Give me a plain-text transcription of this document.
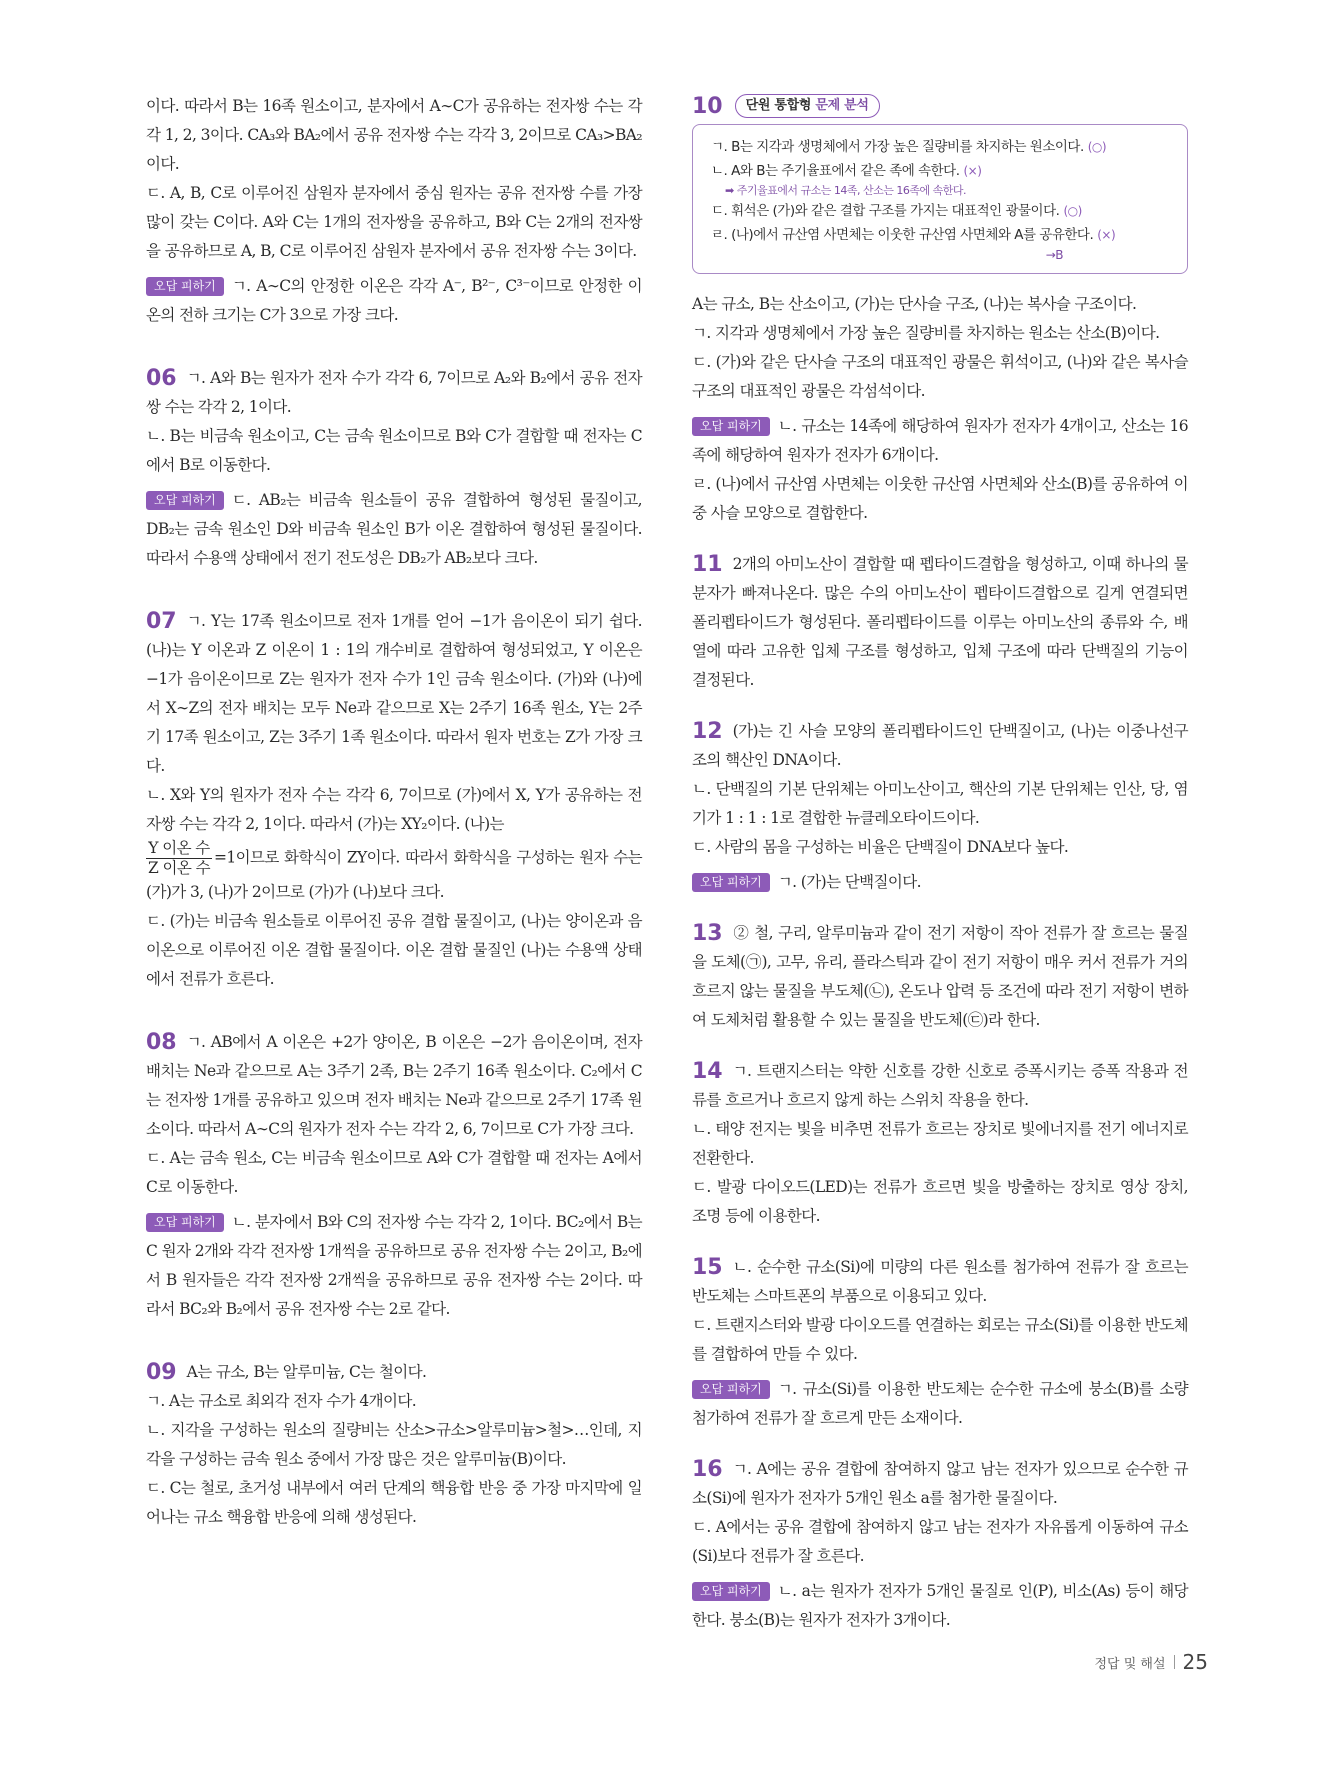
이다. 따라서 B는 16족 원소이고, 분자에서 A∼C가 공유하는 전자쌍 수는 각각 1, 2, 3이다. CA₃와 BA₂에서 공유 전자쌍 수는 각각 3, 2이므로 CA₃>BA₂이다.

ㄷ. A, B, C로 이루어진 삼원자 분자에서 중심 원자는 공유 전자쌍 수를 가장 많이 갖는 C이다. A와 C는 1개의 전자쌍을 공유하고, B와 C는 2개의 전자쌍을 공유하므로 A, B, C로 이루어진 삼원자 분자에서 공유 전자쌍 수는 3이다.

오답 피하기 ㄱ. A∼C의 안정한 이온은 각각 A⁻, B²⁻, C³⁻이므로 안정한 이온의 전하 크기는 C가 3으로 가장 크다.

06 ㄱ. A와 B는 원자가 전자 수가 각각 6, 7이므로 A₂와 B₂에서 공유 전자쌍 수는 각각 2, 1이다.

ㄴ. B는 비금속 원소이고, C는 금속 원소이므로 B와 C가 결합할 때 전자는 C에서 B로 이동한다.

오답 피하기 ㄷ. AB₂는 비금속 원소들이 공유 결합하여 형성된 물질이고, DB₂는 금속 원소인 D와 비금속 원소인 B가 이온 결합하여 형성된 물질이다. 따라서 수용액 상태에서 전기 전도성은 DB₂가 AB₂보다 크다.

07 ㄱ. Y는 17족 원소이므로 전자 1개를 얻어 −1가 음이온이 되기 쉽다. (나)는 Y 이온과 Z 이온이 1 : 1의 개수비로 결합하여 형성되었고, Y 이온은 −1가 음이온이므로 Z는 원자가 전자 수가 1인 금속 원소이다. (가)와 (나)에서 X∼Z의 전자 배치는 모두 Ne과 같으므로 X는 2주기 16족 원소, Y는 2주기 17족 원소이고, Z는 3주기 1족 원소이다. 따라서 원자 번호는 Z가 가장 크다.

ㄴ. X와 Y의 원자가 전자 수는 각각 6, 7이므로 (가)에서 X, Y가 공유하는 전자쌍 수는 각각 2, 1이다. 따라서 (가)는 XY₂이다. (나)는

$\frac{\text{Y 이온 수}}{\text{Z 이온 수}} =1$이므로 화학식이 ZY이다. 따라서 화학식을 구성하는 원자 수는 (가)가 3, (나)가 2이므로 (가)가 (나)보다 크다.

ㄷ. (가)는 비금속 원소들로 이루어진 공유 결합 물질이고, (나)는 양이온과 음이온으로 이루어진 이온 결합 물질이다. 이온 결합 물질인 (나)는 수용액 상태에서 전류가 흐른다.

08 ㄱ. AB에서 A 이온은 +2가 양이온, B 이온은 −2가 음이온이며, 전자 배치는 Ne과 같으므로 A는 3주기 2족, B는 2주기 16족 원소이다. C₂에서 C는 전자쌍 1개를 공유하고 있으며 전자 배치는 Ne과 같으므로 2주기 17족 원소이다. 따라서 A∼C의 원자가 전자 수는 각각 2, 6, 7이므로 C가 가장 크다.

ㄷ. A는 금속 원소, C는 비금속 원소이므로 A와 C가 결합할 때 전자는 A에서 C로 이동한다.

오답 피하기 ㄴ. 분자에서 B와 C의 전자쌍 수는 각각 2, 1이다. BC₂에서 B는 C 원자 2개와 각각 전자쌍 1개씩을 공유하므로 공유 전자쌍 수는 2이고, B₂에서 B 원자들은 각각 전자쌍 2개씩을 공유하므로 공유 전자쌍 수는 2이다. 따라서 BC₂와 B₂에서 공유 전자쌍 수는 2로 같다.

09 A는 규소, B는 알루미늄, C는 철이다.

ㄱ. A는 규소로 최외각 전자 수가 4개이다.

ㄴ. 지각을 구성하는 원소의 질량비는 산소>규소>알루미늄>철>…인데, 지각을 구성하는 금속 원소 중에서 가장 많은 것은 알루미늄(B)이다.

ㄷ. C는 철로, 초거성 내부에서 여러 단계의 핵융합 반응 중 가장 마지막에 일어나는 규소 핵융합 반응에 의해 생성된다.

10	단원 통합형 문제 분석
ㄱ. B는 지각과 생명체에서 가장 높은 질량비를 차지하는 원소이다. (○)
ㄴ. A와 B는 주기율표에서 같은 족에 속한다. (×)
➡ 주기율표에서 규소는 14족, 산소는 16족에 속한다.
ㄷ. 휘석은 (가)와 같은 결합 구조를 가지는 대표적인 광물이다. (○)
ㄹ. (나)에서 규산염 사면체는 이웃한 규산염 사면체와 A를 공유한다. (×)
→B

A는 규소, B는 산소이고, (가)는 단사슬 구조, (나)는 복사슬 구조이다.

ㄱ. 지각과 생명체에서 가장 높은 질량비를 차지하는 원소는 산소(B)이다.

ㄷ. (가)와 같은 단사슬 구조의 대표적인 광물은 휘석이고, (나)와 같은 복사슬 구조의 대표적인 광물은 각섬석이다.

오답 피하기 ㄴ. 규소는 14족에 해당하여 원자가 전자가 4개이고, 산소는 16족에 해당하여 원자가 전자가 6개이다.

ㄹ. (나)에서 규산염 사면체는 이웃한 규산염 사면체와 산소(B)를 공유하여 이중 사슬 모양으로 결합한다.

11 2개의 아미노산이 결합할 때 펩타이드결합을 형성하고, 이때 하나의 물 분자가 빠져나온다. 많은 수의 아미노산이 펩타이드결합으로 길게 연결되면 폴리펩타이드가 형성된다. 폴리펩타이드를 이루는 아미노산의 종류와 수, 배열에 따라 고유한 입체 구조를 형성하고, 입체 구조에 따라 단백질의 기능이 결정된다.

12 (가)는 긴 사슬 모양의 폴리펩타이드인 단백질이고, (나)는 이중나선구조의 핵산인 DNA이다.

ㄴ. 단백질의 기본 단위체는 아미노산이고, 핵산의 기본 단위체는 인산, 당, 염기가 1 : 1 : 1로 결합한 뉴클레오타이드이다.

ㄷ. 사람의 몸을 구성하는 비율은 단백질이 DNA보다 높다.

오답 피하기 ㄱ. (가)는 단백질이다.

13 ② 철, 구리, 알루미늄과 같이 전기 저항이 작아 전류가 잘 흐르는 물질을 도체(㉠), 고무, 유리, 플라스틱과 같이 전기 저항이 매우 커서 전류가 거의 흐르지 않는 물질을 부도체(㉡), 온도나 압력 등 조건에 따라 전기 저항이 변하여 도체처럼 활용할 수 있는 물질을 반도체(㉢)라 한다.

14 ㄱ. 트랜지스터는 약한 신호를 강한 신호로 증폭시키는 증폭 작용과 전류를 흐르거나 흐르지 않게 하는 스위치 작용을 한다.

ㄴ. 태양 전지는 빛을 비추면 전류가 흐르는 장치로 빛에너지를 전기 에너지로 전환한다.

ㄷ. 발광 다이오드(LED)는 전류가 흐르면 빛을 방출하는 장치로 영상 장치, 조명 등에 이용한다.

15 ㄴ. 순수한 규소(Si)에 미량의 다른 원소를 첨가하여 전류가 잘 흐르는 반도체는 스마트폰의 부품으로 이용되고 있다.

ㄷ. 트랜지스터와 발광 다이오드를 연결하는 회로는 규소(Si)를 이용한 반도체를 결합하여 만들 수 있다.

오답 피하기 ㄱ. 규소(Si)를 이용한 반도체는 순수한 규소에 붕소(B)를 소량 첨가하여 전류가 잘 흐르게 만든 소재이다.

16 ㄱ. A에는 공유 결합에 참여하지 않고 남는 전자가 있으므로 순수한 규소(Si)에 원자가 전자가 5개인 원소 a를 첨가한 물질이다.

ㄷ. A에서는 공유 결합에 참여하지 않고 남는 전자가 자유롭게 이동하여 규소(Si)보다 전류가 잘 흐른다.

오답 피하기 ㄴ. a는 원자가 전자가 5개인 물질로 인(P), 비소(As) 등이 해당한다. 붕소(B)는 원자가 전자가 3개이다.

정답 및 해설 25
